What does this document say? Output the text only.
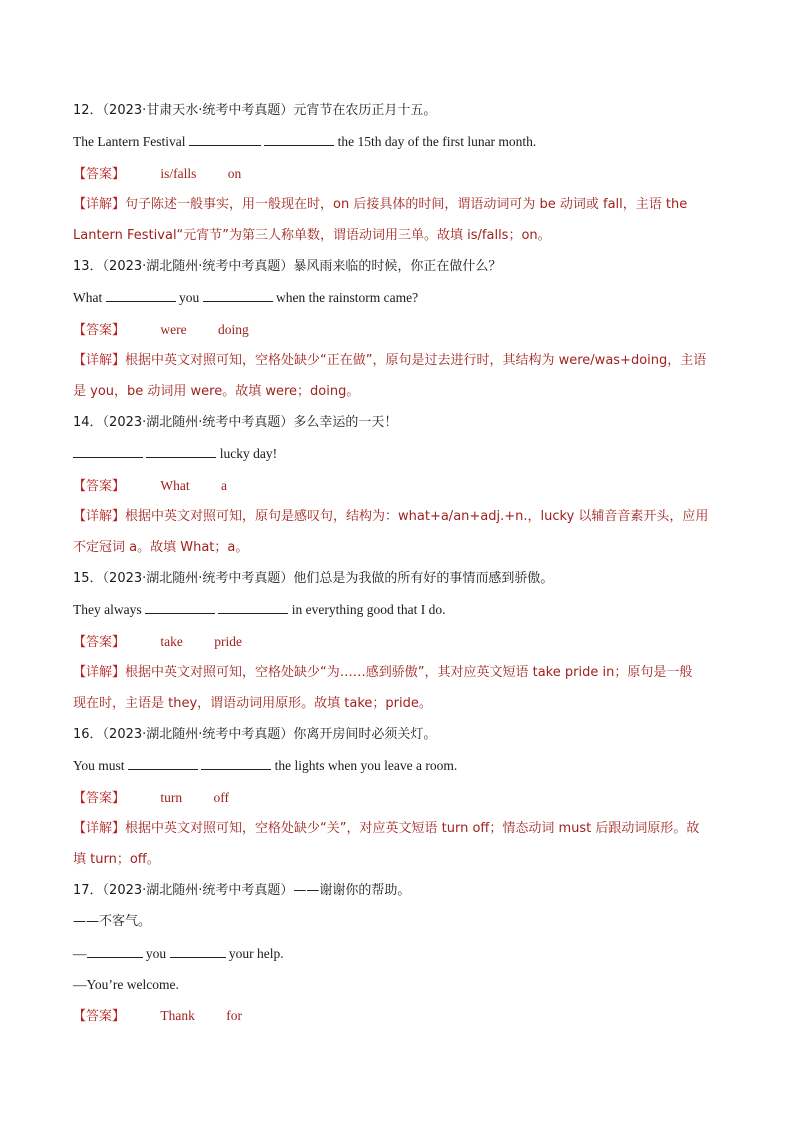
12．（2023·甘肃天水·统考中考真题）元宵节在农历正月十五。
The Lantern Festival	the 15th day of the first lunar month.
【答案】	is/falls on
【详解】句子陈述一般事实，用一般现在时，on 后接具体的时间，谓语动词可为 be 动词或 fall，主语 the
Lantern Festival“元宵节”为第三人称单数，谓语动词用三单。故填 is/falls；on。
13．（2023·湖北随州·统考中考真题）暴风雨来临的时候，你正在做什么？
What	you	when the rainstorm came?
【答案】	were doing
【详解】根据中英文对照可知，空格处缺少“正在做”，原句是过去进行时，其结构为 were/was+doing，主语
是 you，be 动词用 were。故填 were；doing。
14．（2023·湖北随州·统考中考真题）多么幸运的一天！
lucky day!
【答案】	What a
【详解】根据中英文对照可知，原句是感叹句，结构为：what+a/an+adj.+n.，lucky 以辅音音素开头，应用
不定冠词 a。故填 What；a。
15．（2023·湖北随州·统考中考真题）他们总是为我做的所有好的事情而感到骄傲。
They always	in everything good that I do.
【答案】	take pride
【详解】根据中英文对照可知，空格处缺少“为……感到骄傲”，其对应英文短语 take pride in；原句是一般
现在时，主语是 they，谓语动词用原形。故填 take；pride。
16．（2023·湖北随州·统考中考真题）你离开房间时必须关灯。
You must	the lights when you leave a room.
【答案】	turn off
【详解】根据中英文对照可知，空格处缺少“关”，对应英文短语 turn off；情态动词 must 后跟动词原形。故
填 turn；off。
17．（2023·湖北随州·统考中考真题）——谢谢你的帮助。
——不客气。
—	you	your help.
—You’re welcome.
【答案】	Thank for
